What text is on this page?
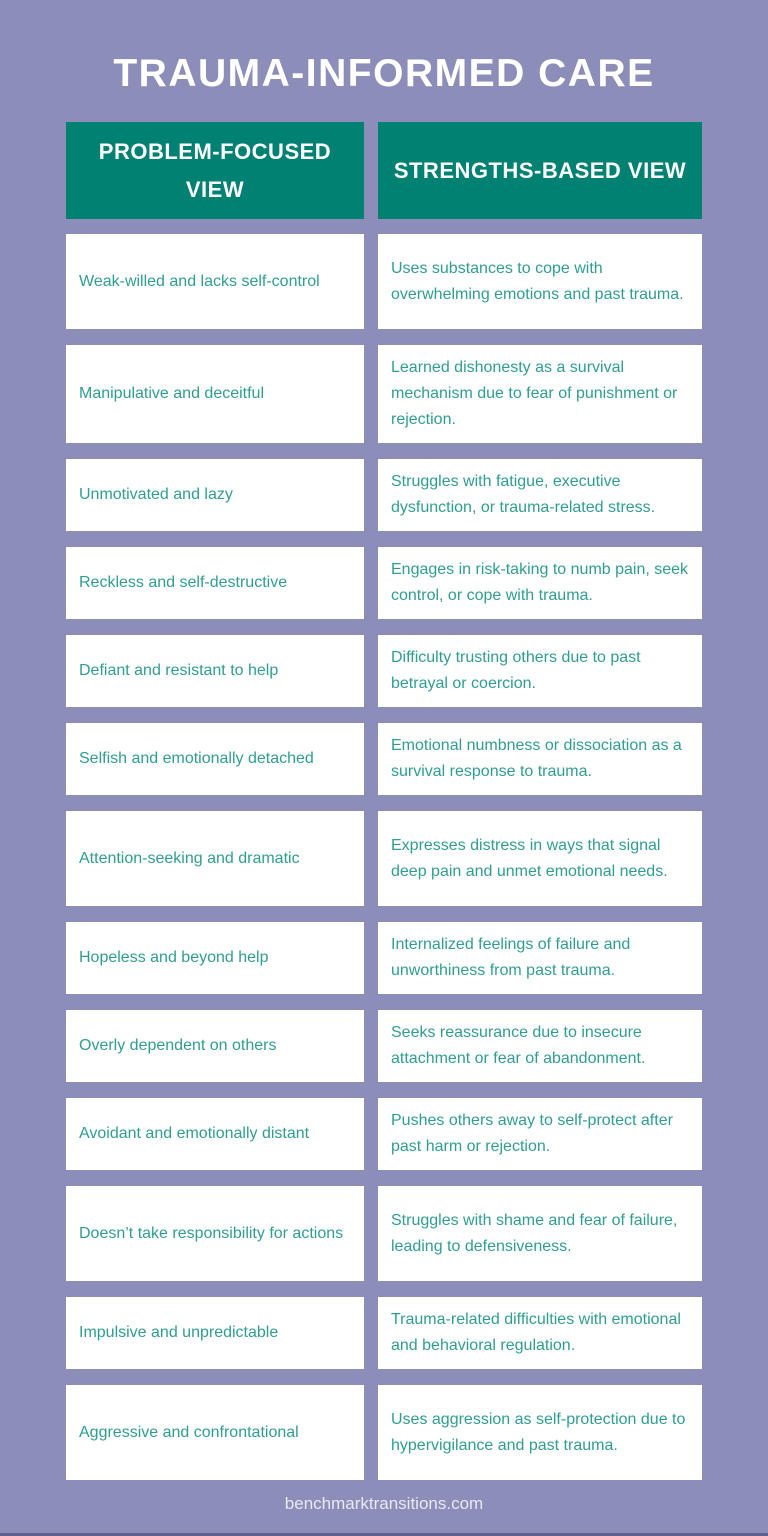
TRAUMA-INFORMED CARE
PROBLEM-FOCUSED VIEW
STRENGTHS-BASED VIEW
Weak-willed and lacks self-control
Uses substances to cope with overwhelming emotions and past trauma.
Manipulative and deceitful
Learned dishonesty as a survival mechanism due to fear of punishment or rejection.
Unmotivated and lazy
Struggles with fatigue, executive dysfunction, or trauma-related stress.
Reckless and self-destructive
Engages in risk-taking to numb pain, seek control, or cope with trauma.
Defiant and resistant to help
Difficulty trusting others due to past betrayal or coercion.
Selfish and emotionally detached
Emotional numbness or dissociation as a survival response to trauma.
Attention-seeking and dramatic
Expresses distress in ways that signal deep pain and unmet emotional needs.
Hopeless and beyond help
Internalized feelings of failure and unworthiness from past trauma.
Overly dependent on others
Seeks reassurance due to insecure attachment or fear of abandonment.
Avoidant and emotionally distant
Pushes others away to self-protect after past harm or rejection.
Doesn’t take responsibility for actions
Struggles with shame and fear of failure, leading to defensiveness.
Impulsive and unpredictable
Trauma-related difficulties with emotional and behavioral regulation.
Aggressive and confrontational
Uses aggression as self-protection due to hypervigilance and past trauma.
benchmarktransitions.com
